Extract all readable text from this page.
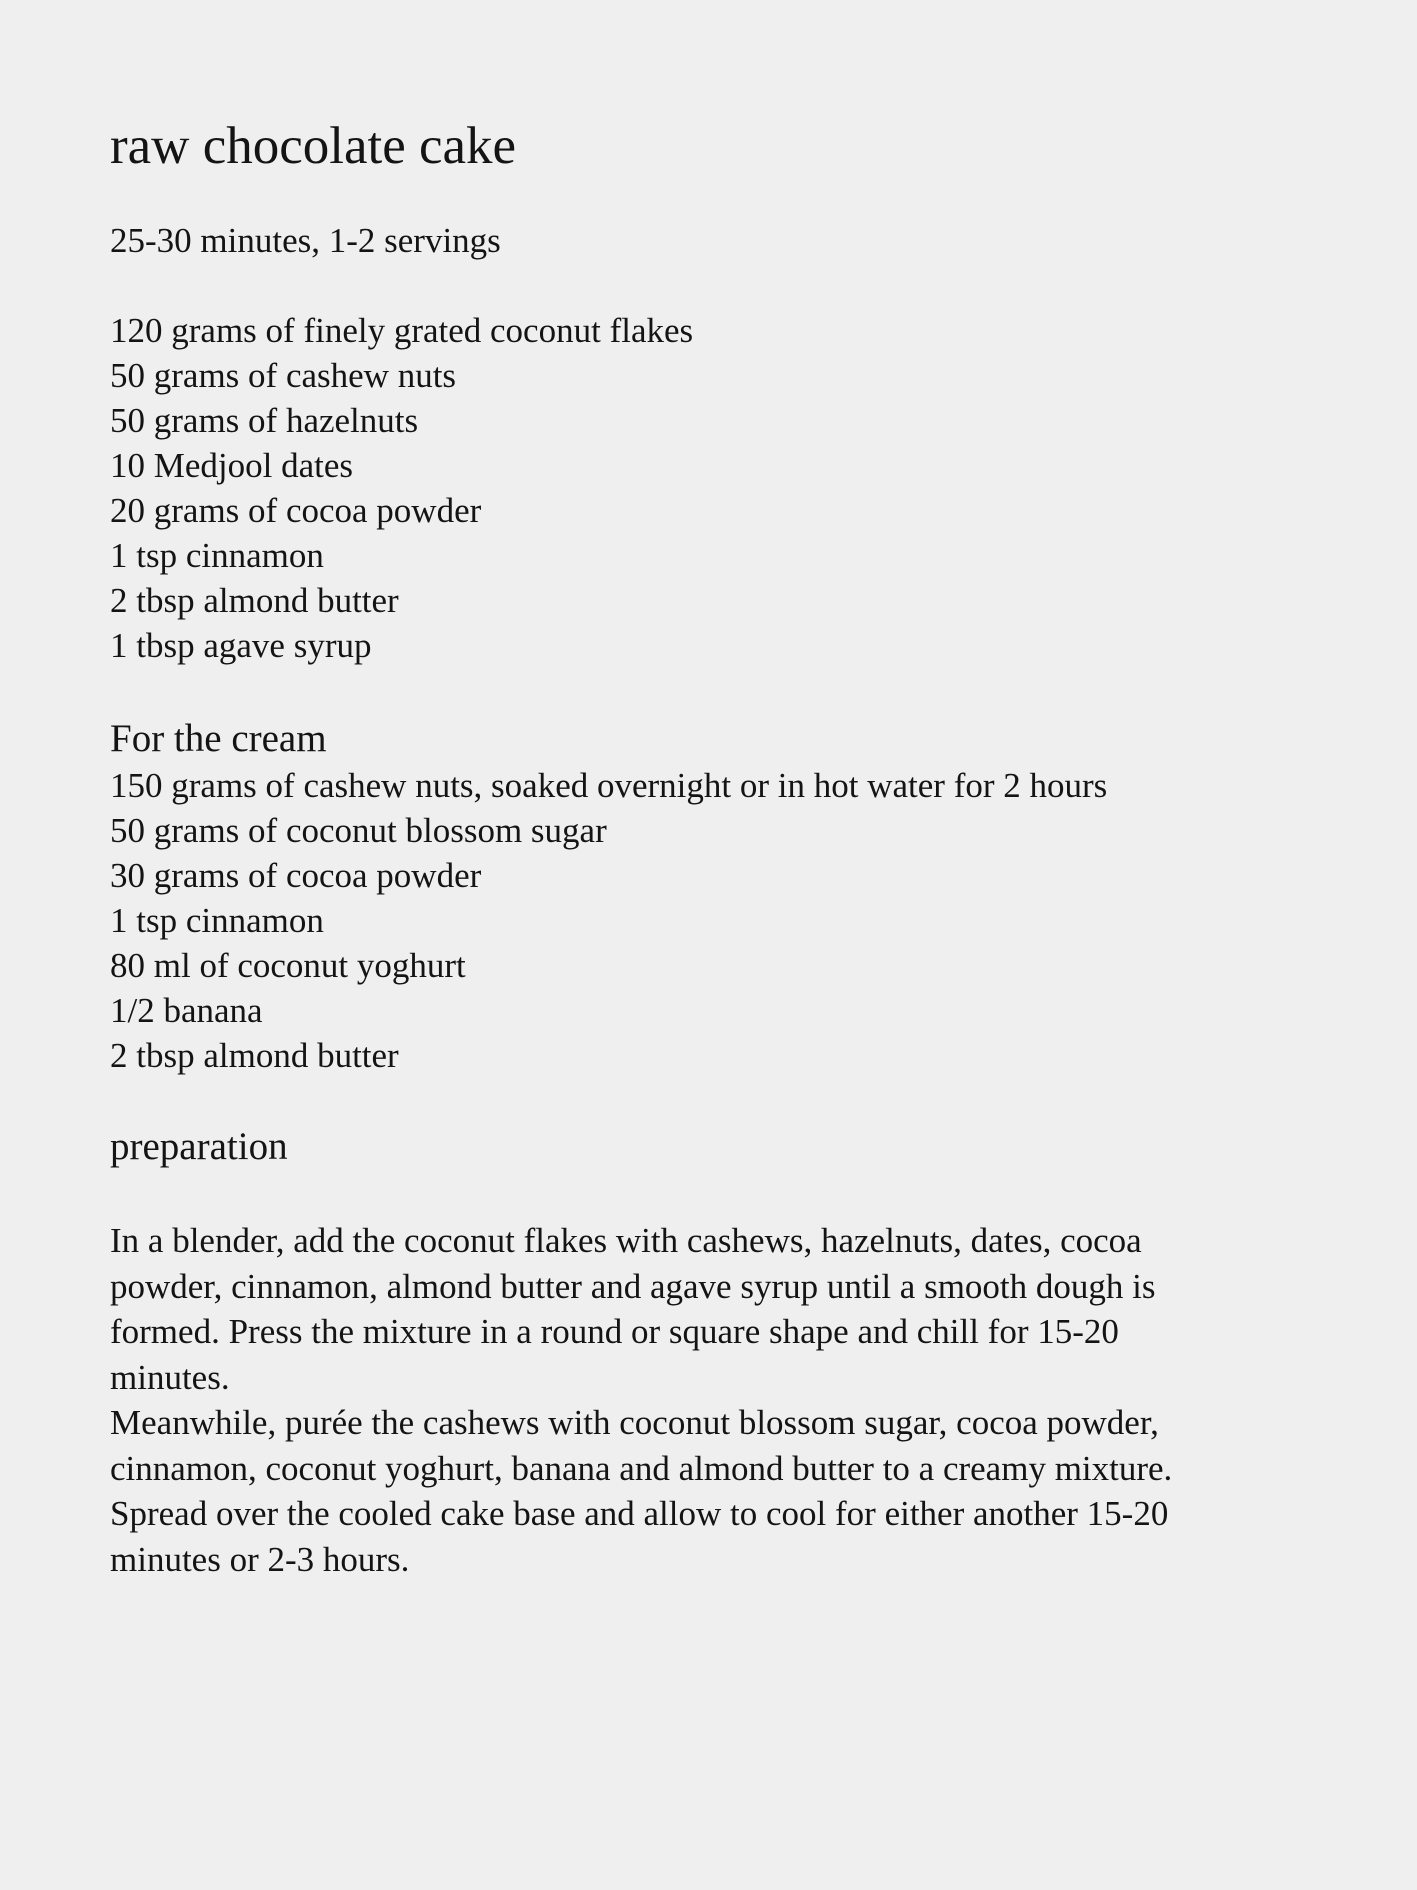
raw chocolate cake

25-30 minutes, 1-2 servings

120 grams of finely grated coconut flakes
50 grams of cashew nuts
50 grams of hazelnuts
10 Medjool dates
20 grams of cocoa powder
1 tsp cinnamon
2 tbsp almond butter
1 tbsp agave syrup
For the cream
150 grams of cashew nuts, soaked overnight or in hot water for 2 hours
50 grams of coconut blossom sugar
30 grams of cocoa powder
1 tsp cinnamon
80 ml of coconut yoghurt
1/2 banana
2 tbsp almond butter
preparation

In a blender, add the coconut flakes with cashews, hazelnuts, dates, cocoa
powder, cinnamon, almond butter and agave syrup until a smooth dough is
formed. Press the mixture in a round or square shape and chill for 15-20
minutes.

Meanwhile, purée the cashews with coconut blossom sugar, cocoa powder,
cinnamon, coconut yoghurt, banana and almond butter to a creamy mixture.
Spread over the cooled cake base and allow to cool for either another 15-20
minutes or 2-3 hours.
